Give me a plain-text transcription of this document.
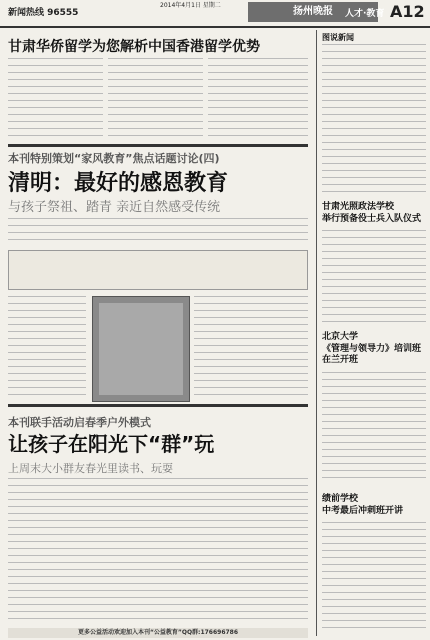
新闻热线 96555
2014年4月1日 星期二
扬州晚报	人才·教育 A12
甘肃华侨留学为您解析中国香港留学优势
本刊特别策划“家风教育”焦点话题讨论(四)
清明：最好的感恩教育
与孩子祭祖、踏青 亲近自然感受传统
本刊联手活动启春季户外模式
让孩子在阳光下“群”玩
上周末大小群友春光里读书、玩耍
更多公益活动欢迎加入本刊“公益教育”QQ群:176696786
图说新闻
甘肃光照政法学校
举行预备役士兵入队仪式
北京大学
《管理与领导力》培训班在兰开班
绩前学校
中考最后冲刺班开讲
